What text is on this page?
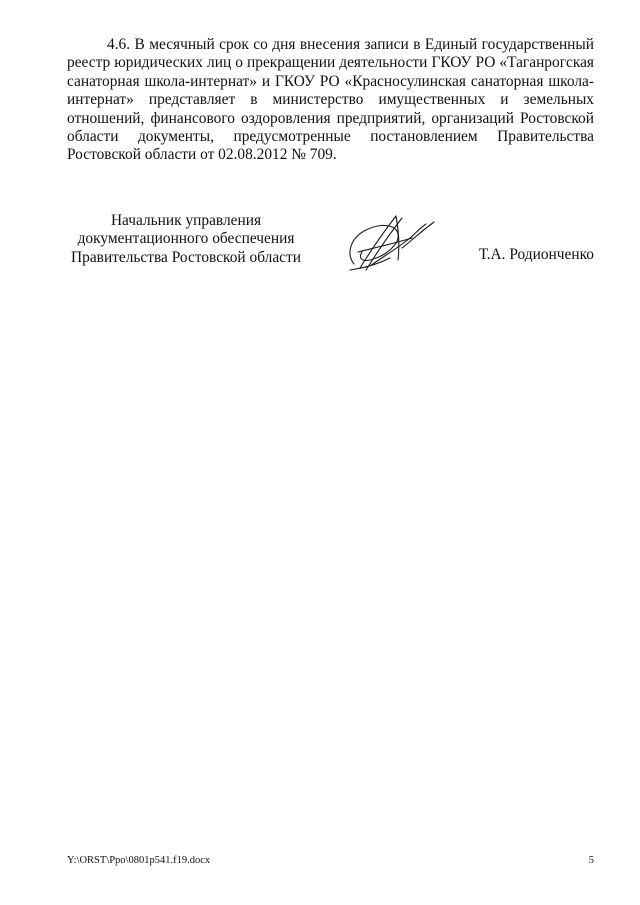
4.6. В месячный срок со дня внесения записи в Единый государственный реестр юридических лиц о прекращении деятельности ГКОУ РО «Таганрогская санаторная школа-интернат» и ГКОУ РО «Красносулинская санаторная школа-интернат» представляет в министерство имущественных и земельных отношений, финансового оздоровления предприятий, организаций Ростовской области документы, предусмотренные постановлением Правительства Ростовской области от 02.08.2012 № 709.

Начальник управления
документационного обеспечения
Правительства Ростовской области	Т.А. Родионченко
Y:\ORST\Ppo\0801p541.f19.docx	5
